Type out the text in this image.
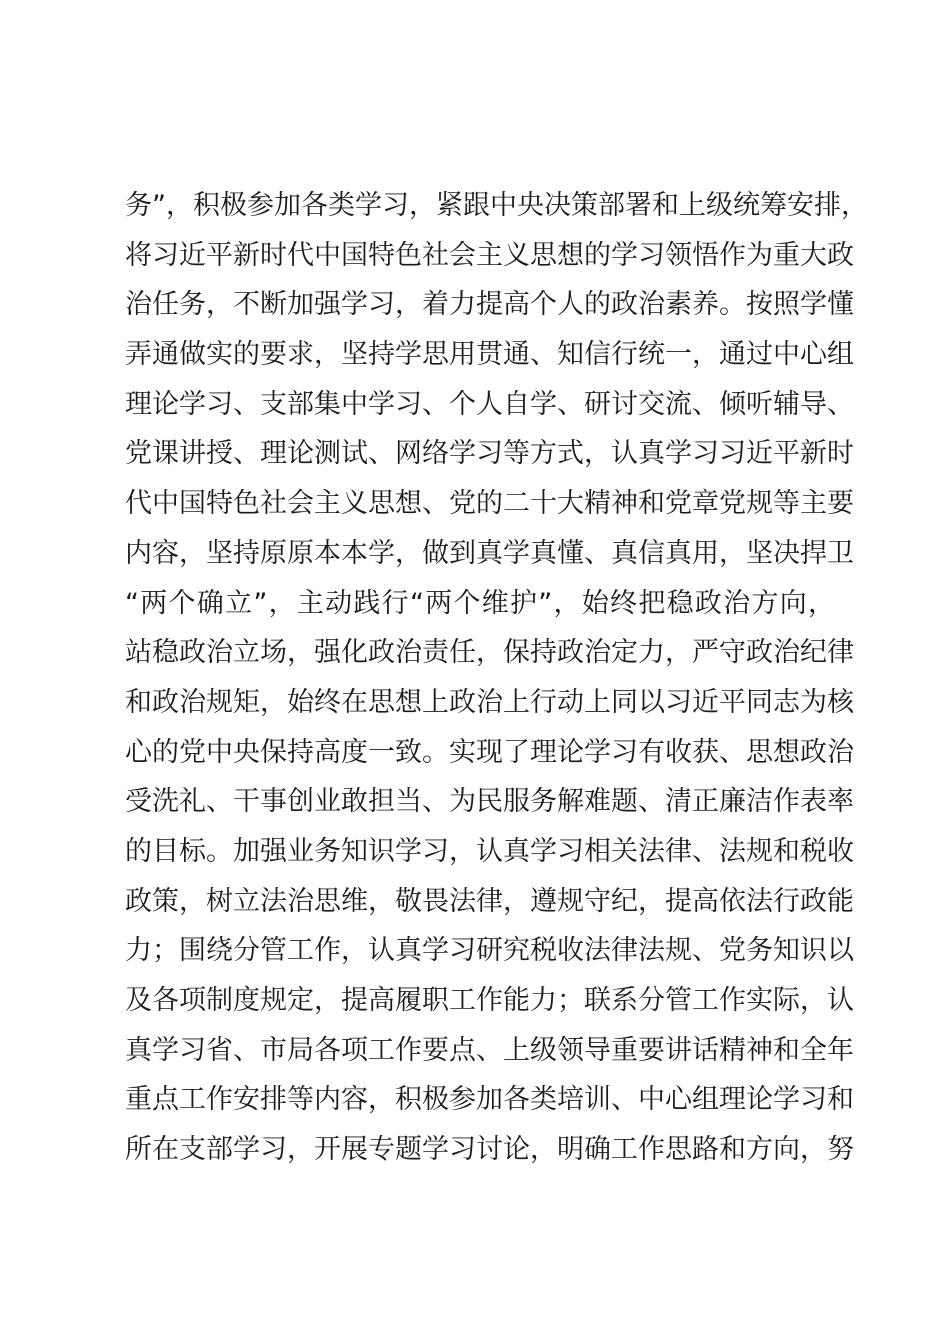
务”，积极参加各类学习，紧跟中央决策部署和上级统筹安排，
将习近平新时代中国特色社会主义思想的学习领悟作为重大政
治任务，不断加强学习，着力提高个人的政治素养。按照学懂
弄通做实的要求，坚持学思用贯通、知信行统一，通过中心组
理论学习、支部集中学习、个人自学、研讨交流、倾听辅导、
党课讲授、理论测试、网络学习等方式，认真学习习近平新时
代中国特色社会主义思想、党的二十大精神和党章党规等主要
内容，坚持原原本本学，做到真学真懂、真信真用，坚决捍卫
“两个确立”，主动践行“两个维护”，始终把稳政治方向，
站稳政治立场，强化政治责任，保持政治定力，严守政治纪律
和政治规矩，始终在思想上政治上行动上同以习近平同志为核
心的党中央保持高度一致。实现了理论学习有收获、思想政治
受洗礼、干事创业敢担当、为民服务解难题、清正廉洁作表率
的目标。加强业务知识学习，认真学习相关法律、法规和税收
政策，树立法治思维，敬畏法律，遵规守纪，提高依法行政能
力；围绕分管工作，认真学习研究税收法律法规、党务知识以
及各项制度规定，提高履职工作能力；联系分管工作实际，认
真学习省、市局各项工作要点、上级领导重要讲话精神和全年
重点工作安排等内容，积极参加各类培训、中心组理论学习和
所在支部学习，开展专题学习讨论，明确工作思路和方向，努
